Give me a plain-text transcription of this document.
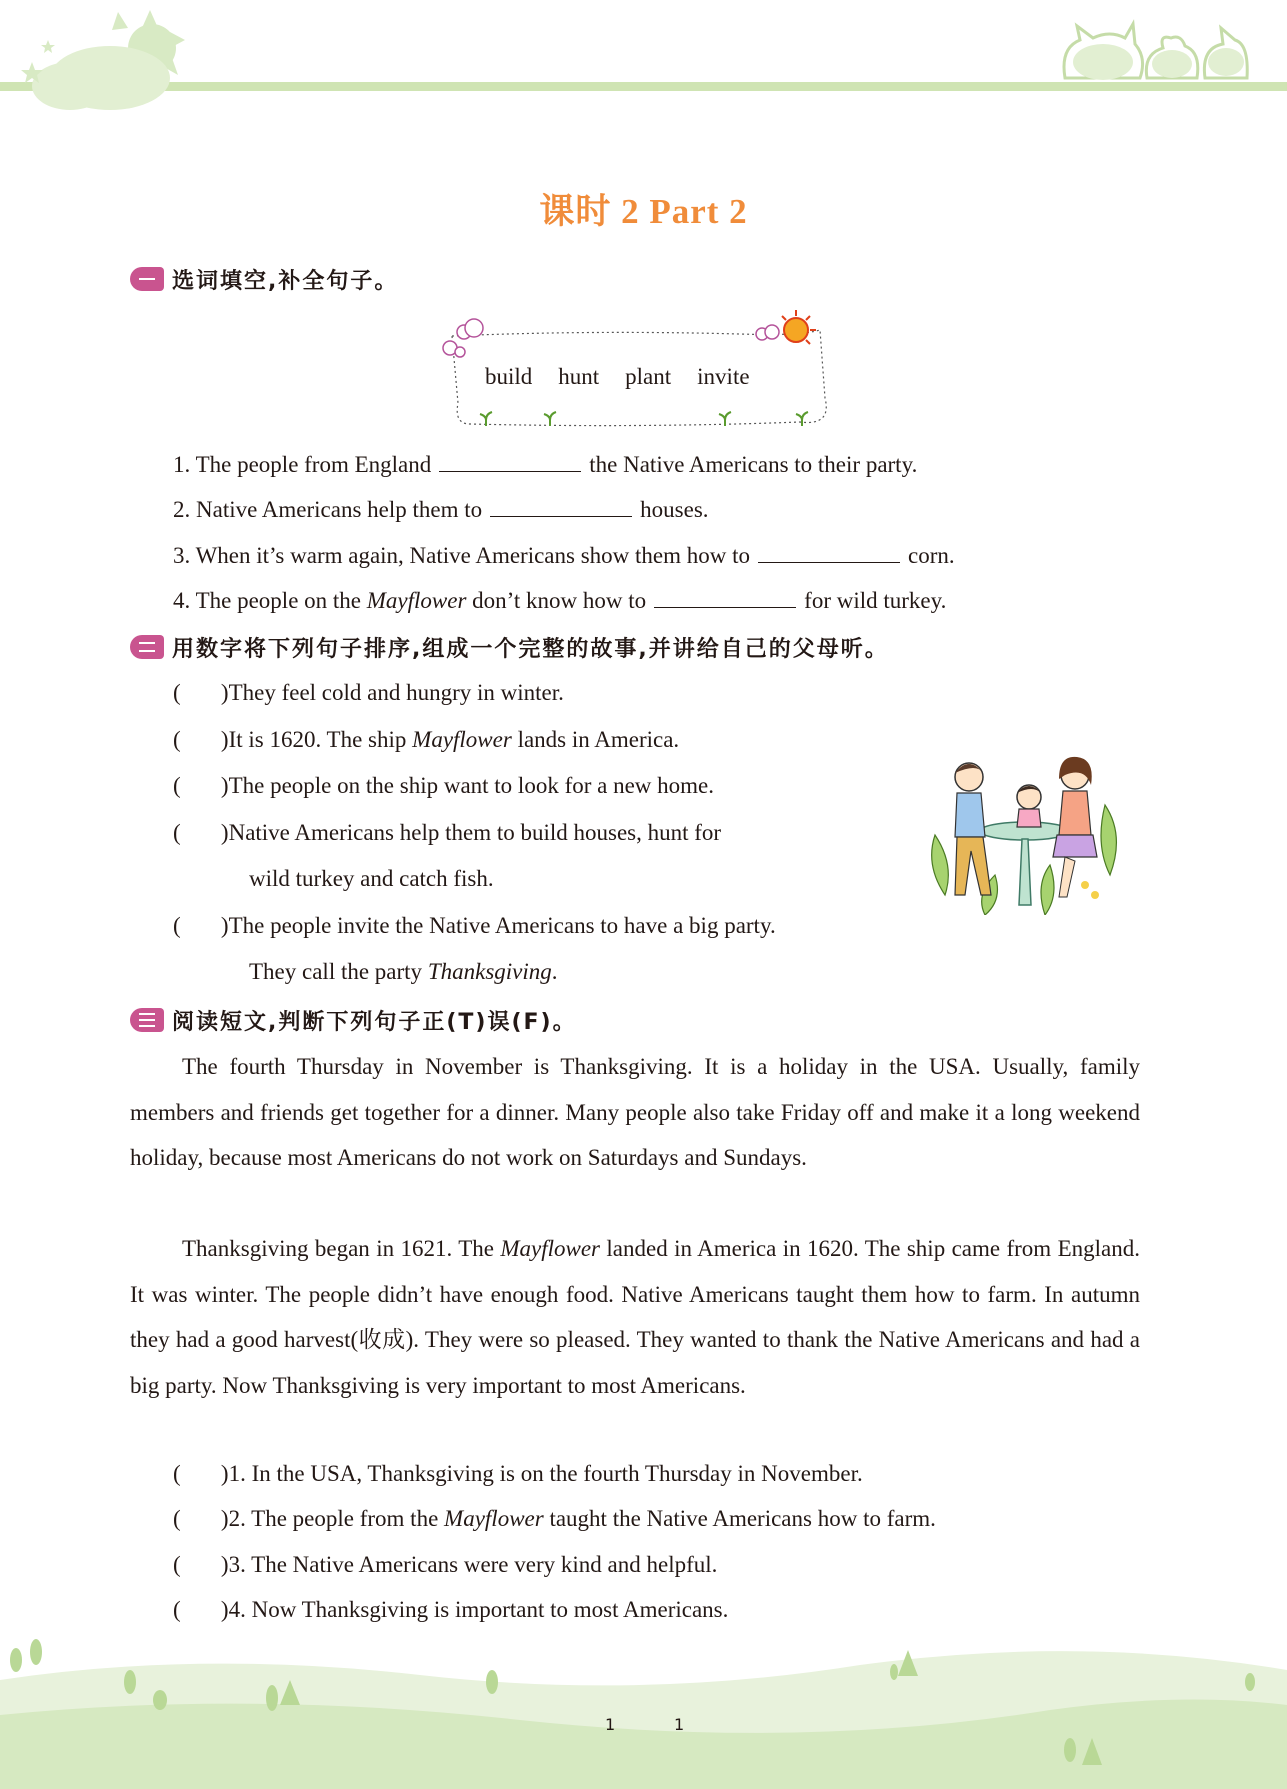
课时 2 Part 2
选词填空,补全句子。
build hunt plant invite
1. The people from England	the Native Americans to their party.
2. Native Americans help them to	houses.
3. When it’s warm again, Native Americans show them how to	corn.
4. The people on the Mayflower don’t know how to	for wild turkey.
用数字将下列句子排序,组成一个完整的故事,并讲给自己的父母听。
(       )They feel cold and hungry in winter.
(       )It is 1620. The ship Mayflower lands in America.
(       )The people on the ship want to look for a new home.
(       )Native Americans help them to build houses, hunt for
wild turkey and catch fish.
(       )The people invite the Native Americans to have a big party.
They call the party Thanksgiving.
阅读短文,判断下列句子正(T)误(F)。
The fourth Thursday in November is Thanksgiving. It is a holiday in the USA. Usually, family members and friends get together for a dinner. Many people also take Friday off and make it a long weekend holiday, because most Americans do not work on Saturdays and Sundays.
Thanksgiving began in 1621. The Mayflower landed in America in 1620. The ship came from England. It was winter. The people didn’t have enough food. Native Americans taught them how to farm. In autumn they had a good harvest(收成). They were so pleased. They wanted to thank the Native Americans and had a big party. Now Thanksgiving is very important to most Americans.
(       )1. In the USA, Thanksgiving is on the fourth Thursday in November.
(       )2. The people from the Mayflower taught the Native Americans how to farm.
(       )3. The Native Americans were very kind and helpful.
(       )4. Now Thanksgiving is important to most Americans.
1	1
